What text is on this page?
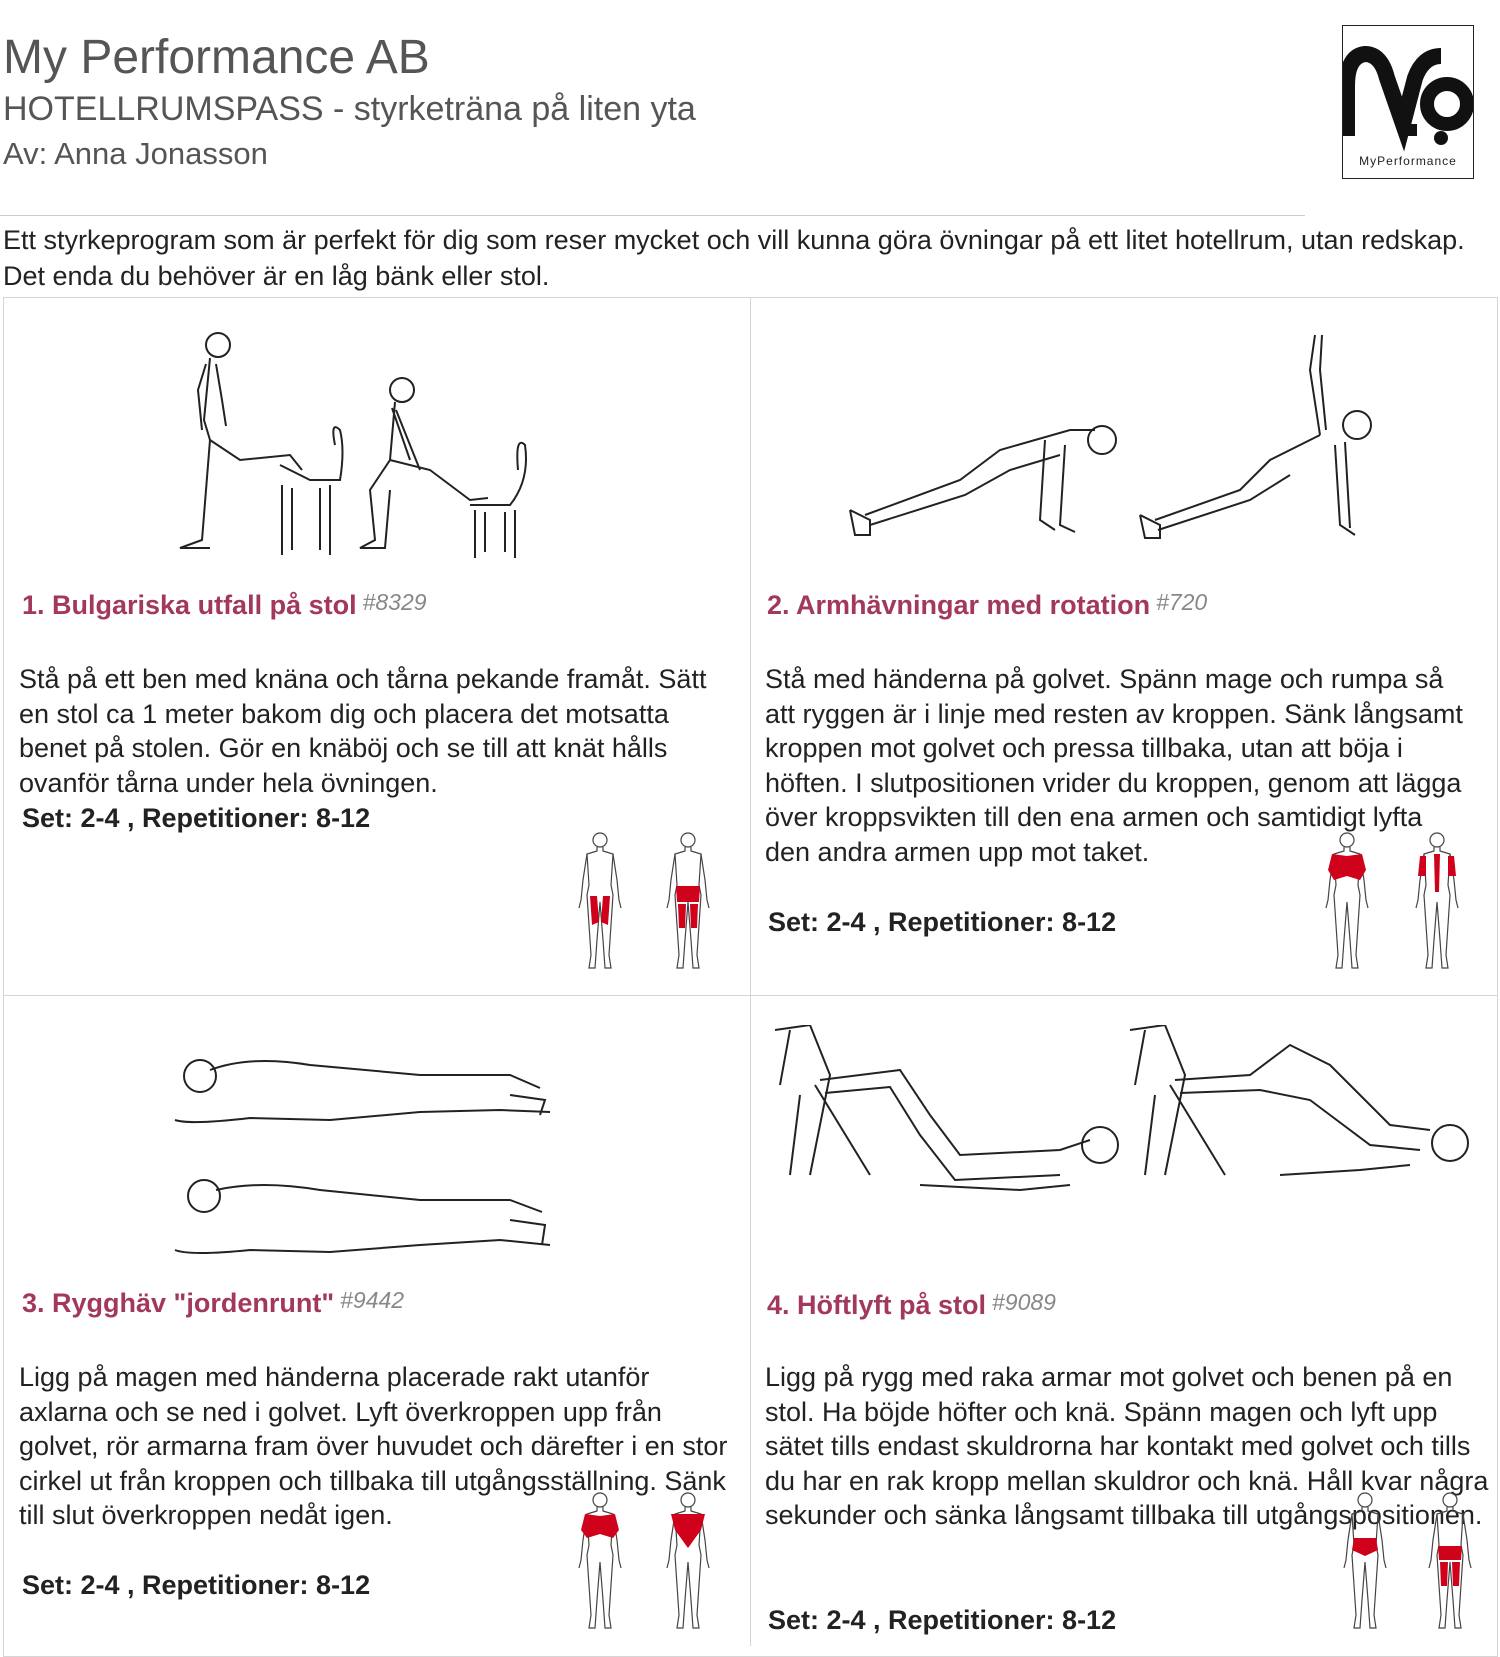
My Performance AB
HOTELLRUMSPASS - styrketräna på liten yta
Av: Anna Jonasson	MyPerformance
Ett styrkeprogram som är perfekt för dig som reser mycket och vill kunna göra övningar på ett litet hotellrum, utan redskap. Det enda du behöver är en låg bänk eller stol.
1. Bulgariska utfall på stol #8329
Stå på ett ben med knäna och tårna pekande framåt. Sätt en stol ca 1 meter bakom dig och placera det motsatta benet på stolen. Gör en knäböj och se till att knät hålls ovanför tårna under hela övningen.
Set: 2-4 , Repetitioner: 8-12
2. Armhävningar med rotation #720
Stå med händerna på golvet. Spänn mage och rumpa så att ryggen är i linje med resten av kroppen. Sänk långsamt kroppen mot golvet och pressa tillbaka, utan att böja i höften. I slutpositionen vrider du kroppen, genom att lägga över kroppsvikten till den ena armen och samtidigt lyfta den andra armen upp mot taket.
Set: 2-4 , Repetitioner: 8-12
3. Rygghäv "jordenrunt" #9442
Ligg på magen med händerna placerade rakt utanför axlarna och se ned i golvet. Lyft överkroppen upp från golvet, rör armarna fram över huvudet och därefter i en stor cirkel ut från kroppen och tillbaka till utgångsställning. Sänk till slut överkroppen nedåt igen.
Set: 2-4 , Repetitioner: 8-12
4. Höftlyft på stol #9089
Ligg på rygg med raka armar mot golvet och benen på en stol. Ha böjde höfter och knä. Spänn magen och lyft upp sätet tills endast skuldrorna har kontakt med golvet och tills du har en rak kropp mellan skuldror och knä. Håll kvar några sekunder och sänka långsamt tillbaka till utgångspositionen.
Set: 2-4 , Repetitioner: 8-12
